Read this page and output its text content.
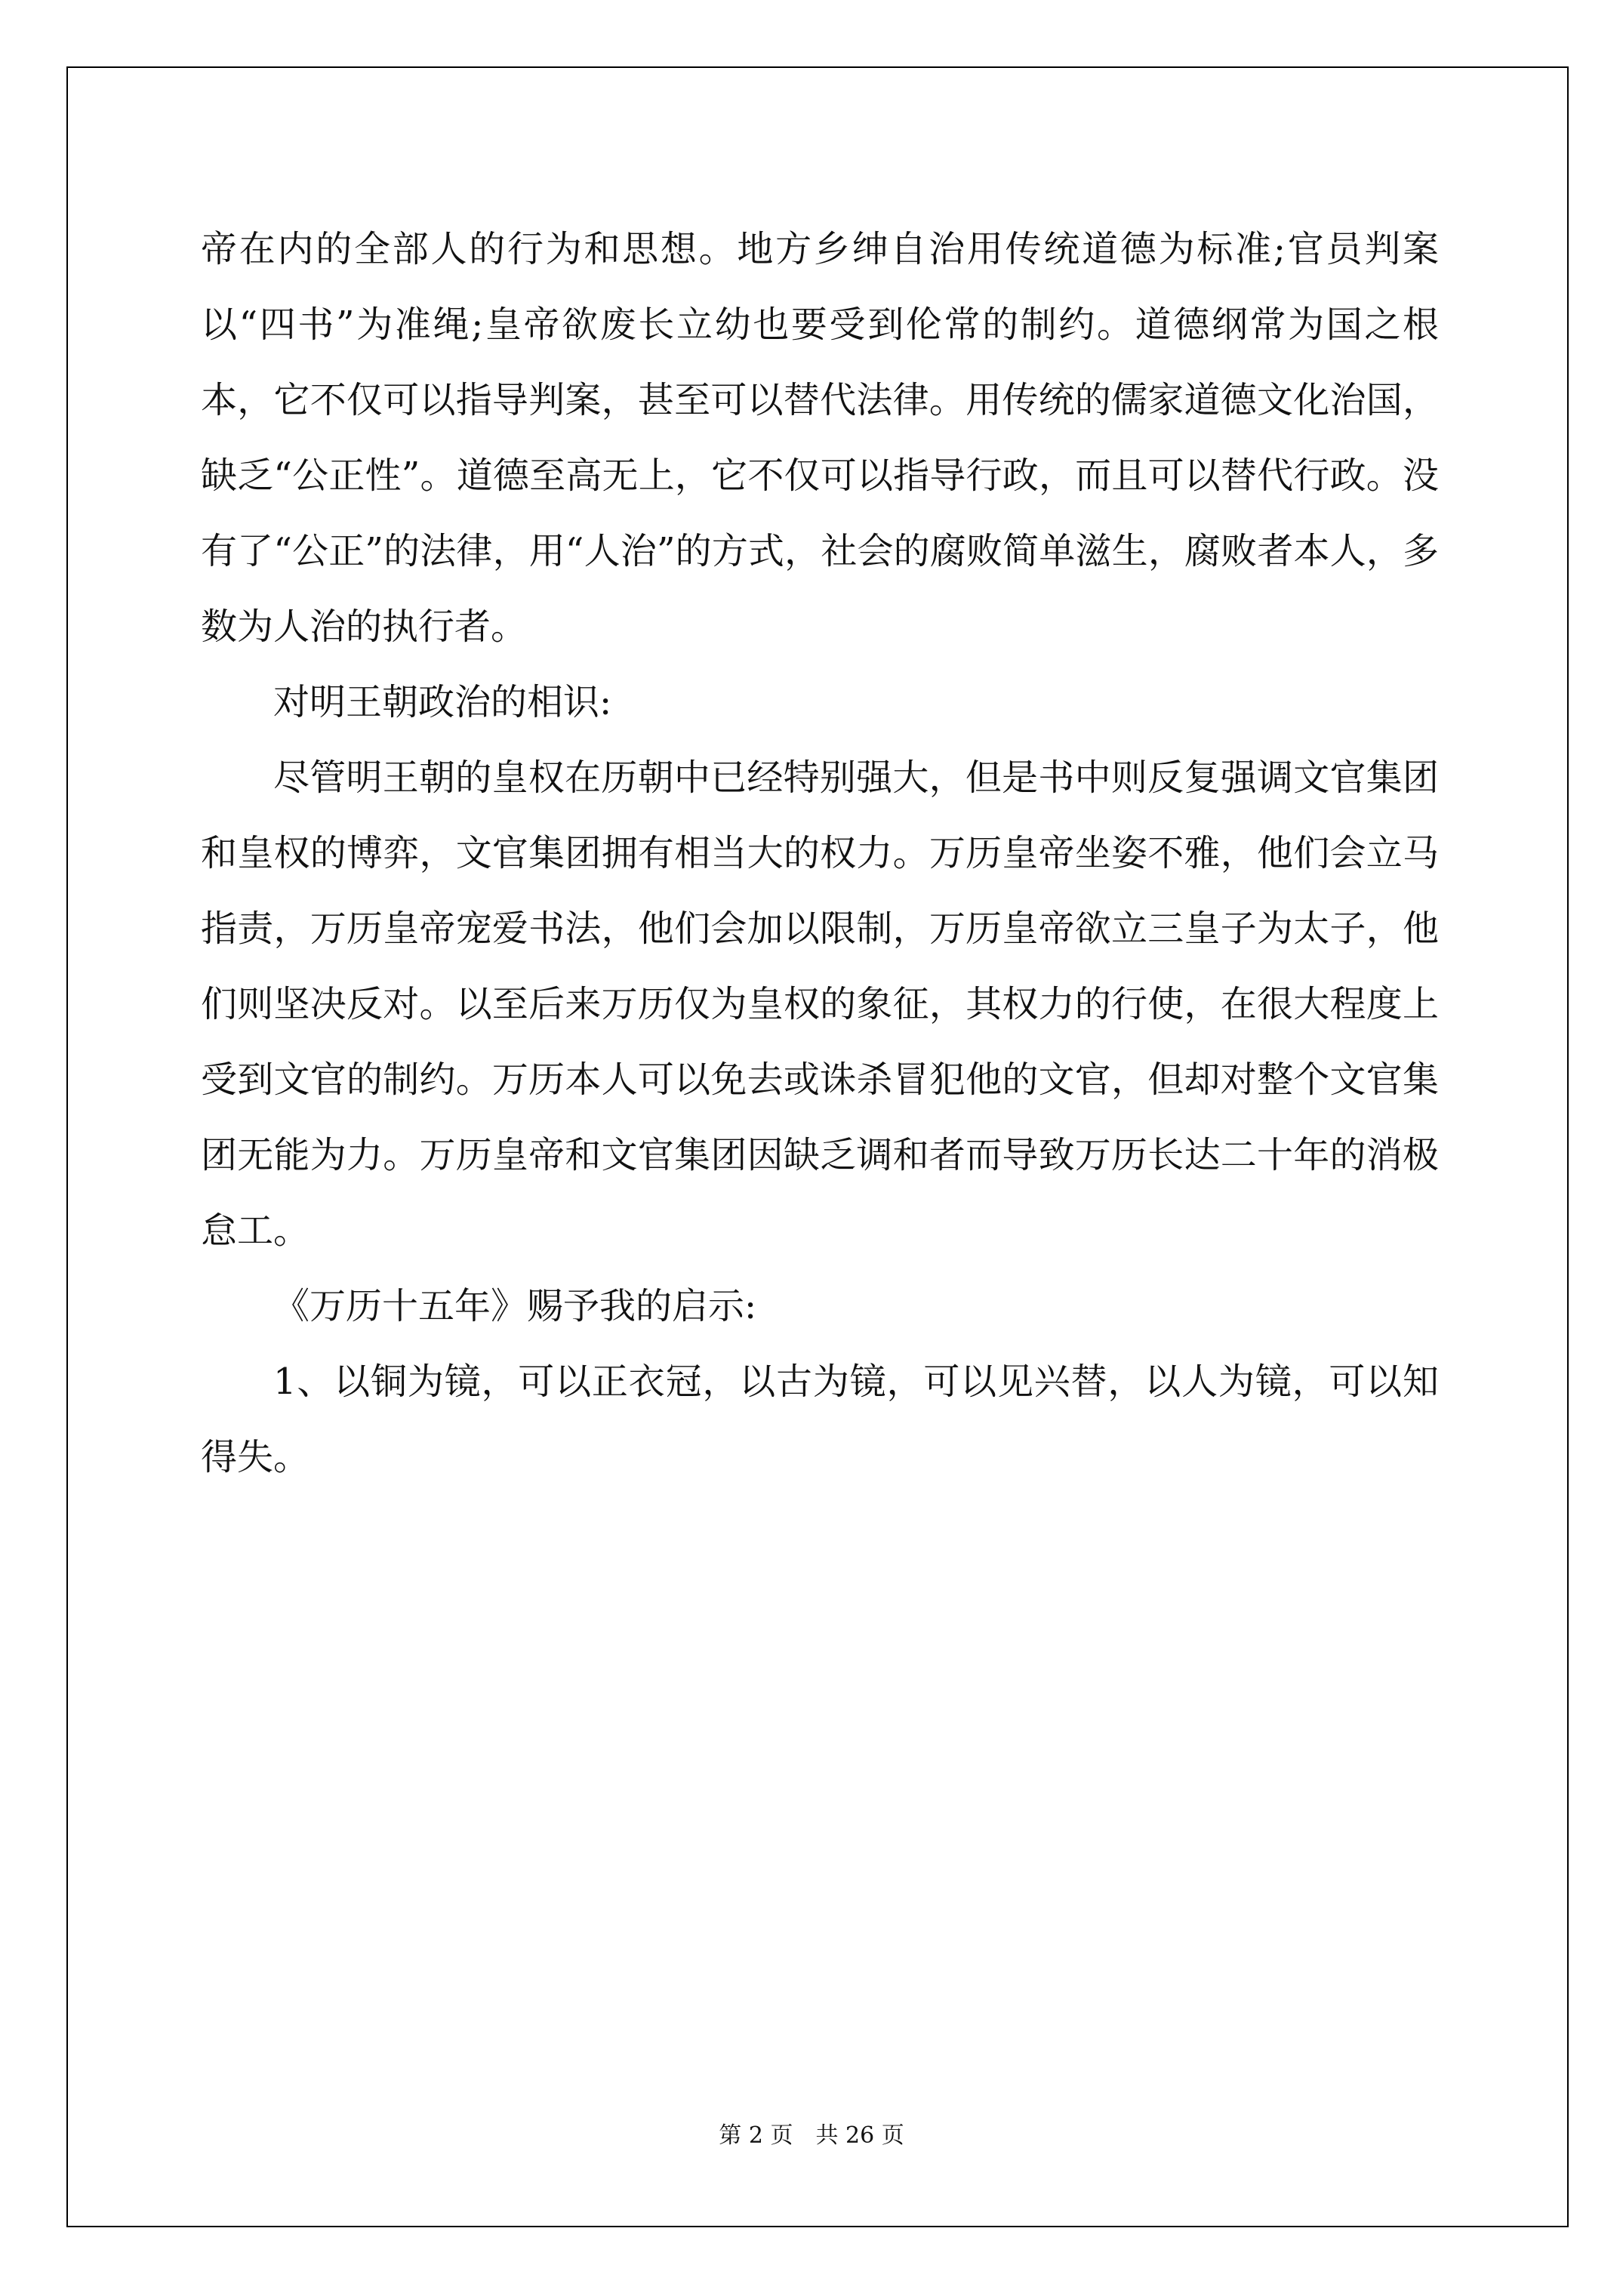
帝在内的全部人的行为和思想。地方乡绅自治用传统道德为标准;官员判案以“四书”为准绳;皇帝欲废长立幼也要受到伦常的制约。道德纲常为国之根本，它不仅可以指导判案，甚至可以替代法律。用传统的儒家道德文化治国，缺乏“公正性”。道德至高无上，它不仅可以指导行政，而且可以替代行政。没有了“公正”的法律，用“人治”的方式，社会的腐败简单滋生，腐败者本人，多数为人治的执行者。

对明王朝政治的相识:

尽管明王朝的皇权在历朝中已经特别强大，但是书中则反复强调文官集团和皇权的博弈，文官集团拥有相当大的权力。万历皇帝坐姿不雅，他们会立马指责，万历皇帝宠爱书法，他们会加以限制，万历皇帝欲立三皇子为太子，他们则坚决反对。以至后来万历仅为皇权的象征，其权力的行使，在很大程度上受到文官的制约。万历本人可以免去或诛杀冒犯他的文官，但却对整个文官集团无能为力。万历皇帝和文官集团因缺乏调和者而导致万历长达二十年的消极怠工。

《万历十五年》赐予我的启示:

1、以铜为镜，可以正衣冠，以古为镜，可以见兴替，以人为镜，可以知得失。

第 2 页　共 26 页
